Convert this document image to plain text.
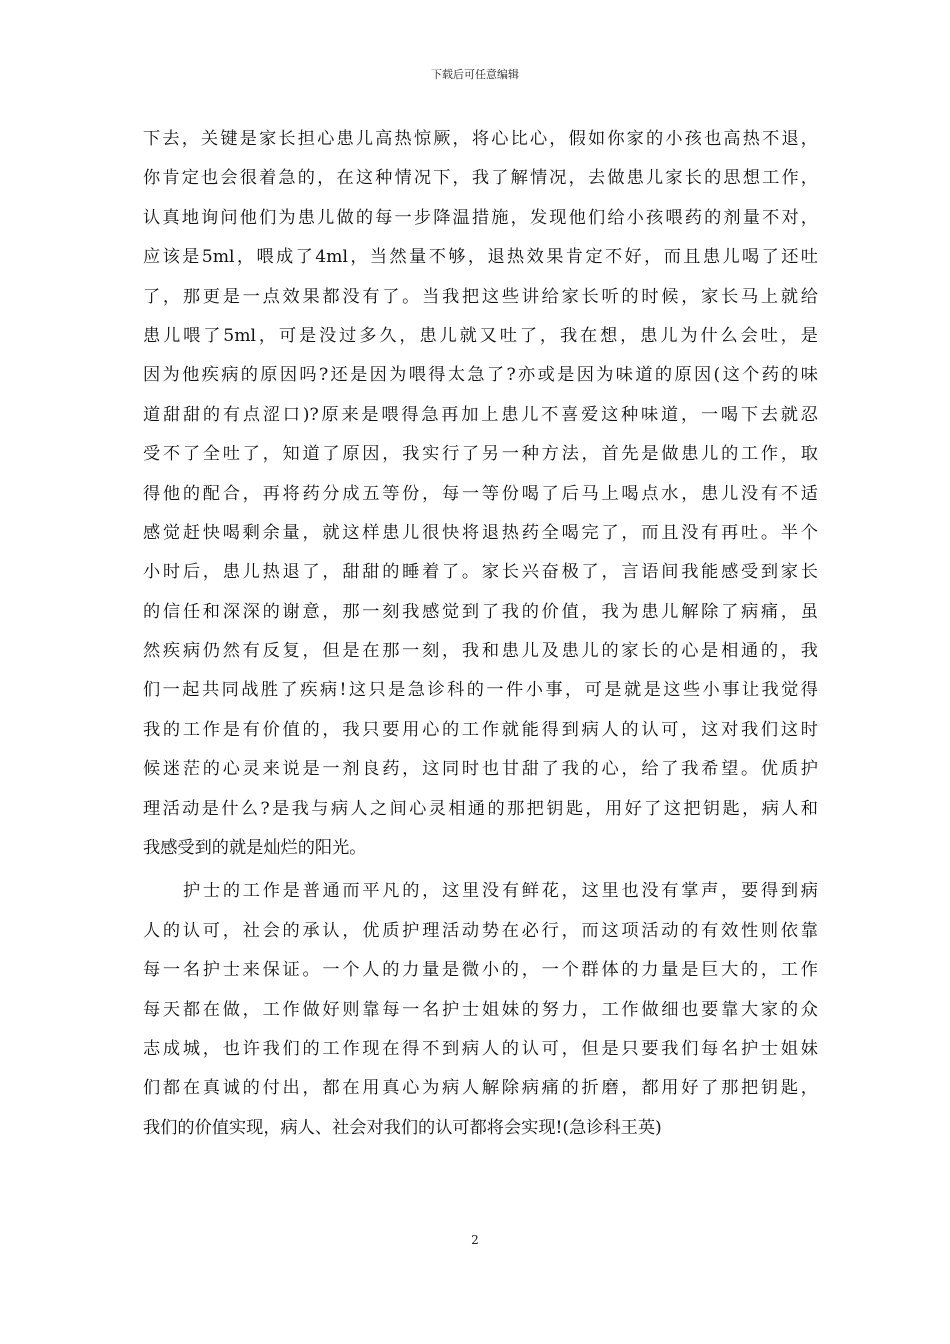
下载后可任意编辑
下去，关键是家长担心患儿高热惊厥，将心比心，假如你家的小孩也高热不退，
你肯定也会很着急的，在这种情况下，我了解情况，去做患儿家长的思想工作，
认真地询问他们为患儿做的每一步降温措施，发现他们给小孩喂药的剂量不对，
应该是5ml，喂成了4ml，当然量不够，退热效果肯定不好，而且患儿喝了还吐
了，那更是一点效果都没有了。当我把这些讲给家长听的时候，家长马上就给
患儿喂了5ml，可是没过多久，患儿就又吐了，我在想，患儿为什么会吐，是
因为他疾病的原因吗?还是因为喂得太急了?亦或是因为味道的原因(这个药的味
道甜甜的有点涩口)?原来是喂得急再加上患儿不喜爱这种味道，一喝下去就忍
受不了全吐了，知道了原因，我实行了另一种方法，首先是做患儿的工作，取
得他的配合，再将药分成五等份，每一等份喝了后马上喝点水，患儿没有不适
感觉赶快喝剩余量，就这样患儿很快将退热药全喝完了，而且没有再吐。半个
小时后，患儿热退了，甜甜的睡着了。家长兴奋极了，言语间我能感受到家长
的信任和深深的谢意，那一刻我感觉到了我的价值，我为患儿解除了病痛，虽
然疾病仍然有反复，但是在那一刻，我和患儿及患儿的家长的心是相通的，我
们一起共同战胜了疾病!这只是急诊科的一件小事，可是就是这些小事让我觉得
我的工作是有价值的，我只要用心的工作就能得到病人的认可，这对我们这时
候迷茫的心灵来说是一剂良药，这同时也甘甜了我的心，给了我希望。优质护
理活动是什么?是我与病人之间心灵相通的那把钥匙，用好了这把钥匙，病人和
我感受到的就是灿烂的阳光。
护士的工作是普通而平凡的，这里没有鲜花，这里也没有掌声，要得到病
人的认可，社会的承认，优质护理活动势在必行，而这项活动的有效性则依靠
每一名护士来保证。一个人的力量是微小的，一个群体的力量是巨大的，工作
每天都在做，工作做好则靠每一名护士姐妹的努力，工作做细也要靠大家的众
志成城，也许我们的工作现在得不到病人的认可，但是只要我们每名护士姐妹
们都在真诚的付出，都在用真心为病人解除病痛的折磨，都用好了那把钥匙，
我们的价值实现，病人、社会对我们的认可都将会实现!(急诊科王英)
2
